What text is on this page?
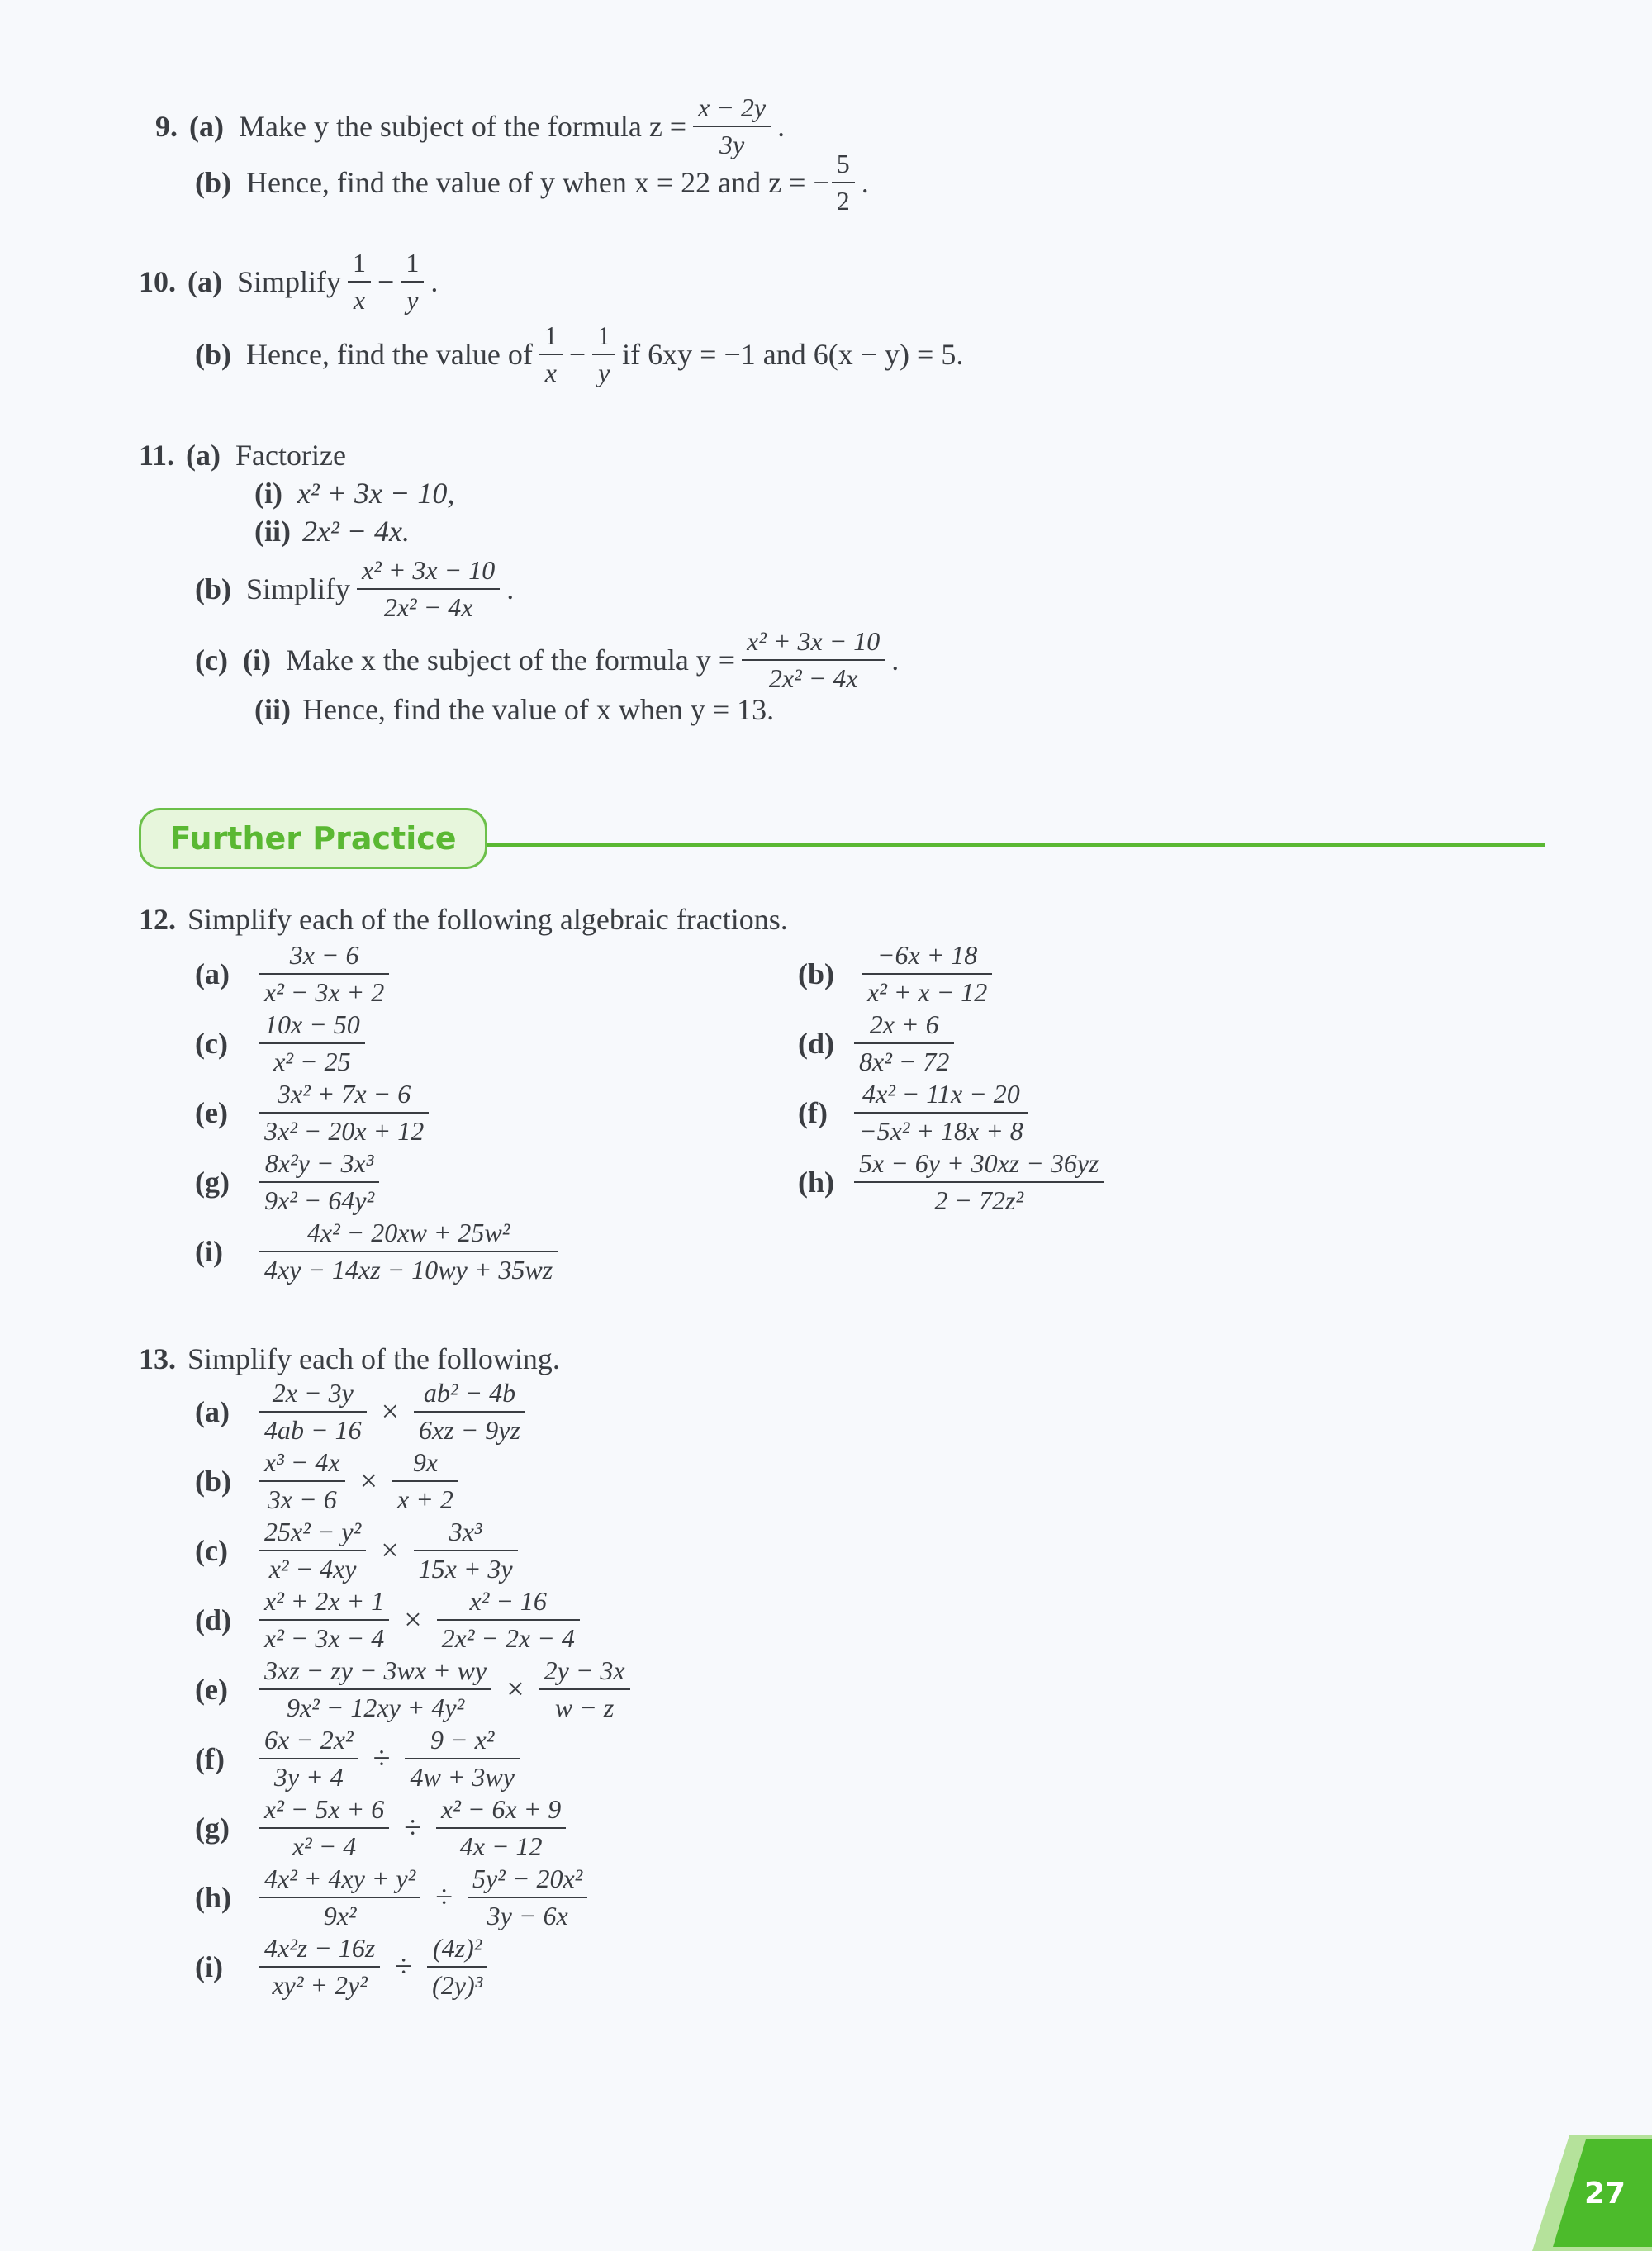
9. (a) Make y the subject of the formula $z = \frac{x - 2y}{3y}$ .
(b) Hence, find the value of y when x = 22 and z = − $\frac{5}{2}$ .
10. (a) Simplify $\frac{1}{x} - \frac{1}{y}$ .
(b) Hence, find the value of $\frac{1}{x} - \frac{1}{y}$ if 6xy = −1 and 6(x − y) = 5.
11. (a) Factorize
(i) x² + 3x − 10,
(ii) 2x² − 4x.
(b) Simplify $\frac{\text{x² + 3x − 10}}{\text{2x² − 4x}}$ .
(c) (i) Make x the subject of the formula $y = \frac{\text{x² + 3x − 10}}{\text{2x² − 4x}}$ .
(ii) Hence, find the value of x when y = 13.
Further Practice
12. Simplify each of the following algebraic fractions.
(a)	$\frac{3x - 6}{\text{x² − 3x + 2}}$	(b)	$\frac{-6x + 18}{\text{x² + x − 12}}$
(c)	$\frac{10x - 50}{\text{x² − 25}}$	$(d) \frac{2x + 6}{\text{8x² − 72}}$
(e)	$\frac{\text{3x² + 7x − 6}}{\text{3x² − 20x + 12}}$	(f)	$\frac{\text{4x² − 11x − 20}}{\text{−5x² + 18x + 8}}$
(g)	$\frac{\text{8x²y − 3x³}}{\text{9x² − 64y²}}$	$(h) \frac{5x - 6y + 30xz - 36yz}{\text{2 − 72z²}}$
(i)	$\frac{\text{4x² − 20xw + 25w²}}{4xy - 14xz - 10wy + 35wz}$
13. Simplify each of the following.
(a)	$\frac{2x - 3y}{4ab - 16} \times \frac{\text{ab² − 4b}}{6xz - 9yz}$
(b)	$\frac{\text{x³ − 4x}}{3x - 6} \times \frac{9x}{x + 2}$
(c)	$\frac{\text{25x² − y²}}{\text{x² − 4xy}} \times \frac{\text{3x³}}{15x + 3y}$
(d)	$\frac{\text{x² + 2x + 1}}{\text{x² − 3x − 4}} \times \frac{\text{x² − 16}}{\text{2x² − 2x − 4}}$
(e)	$\frac{3xz - zy - 3wx + wy}{\text{9x² − 12xy + 4y²}} \times \frac{2y - 3x}{w - z}$
(f)	$\frac{\text{6x − 2x²}}{3y + 4} \div \frac{\text{9 − x²}}{4w + 3wy}$
(g)	$\frac{\text{x² − 5x + 6}}{\text{x² − 4}} \div \frac{\text{x² − 6x + 9}}{4x - 12}$
(h)	$\frac{\text{4x² + 4xy + y²}}{\text{9x²}} \div \frac{\text{5y² − 20x²}}{3y - 6x}$
(i)	$\frac{\text{4x²z − 16z}}{\text{xy² + 2y²}} \div \frac{\text{(4z)²}}{\text{(2y)³}}$
27
